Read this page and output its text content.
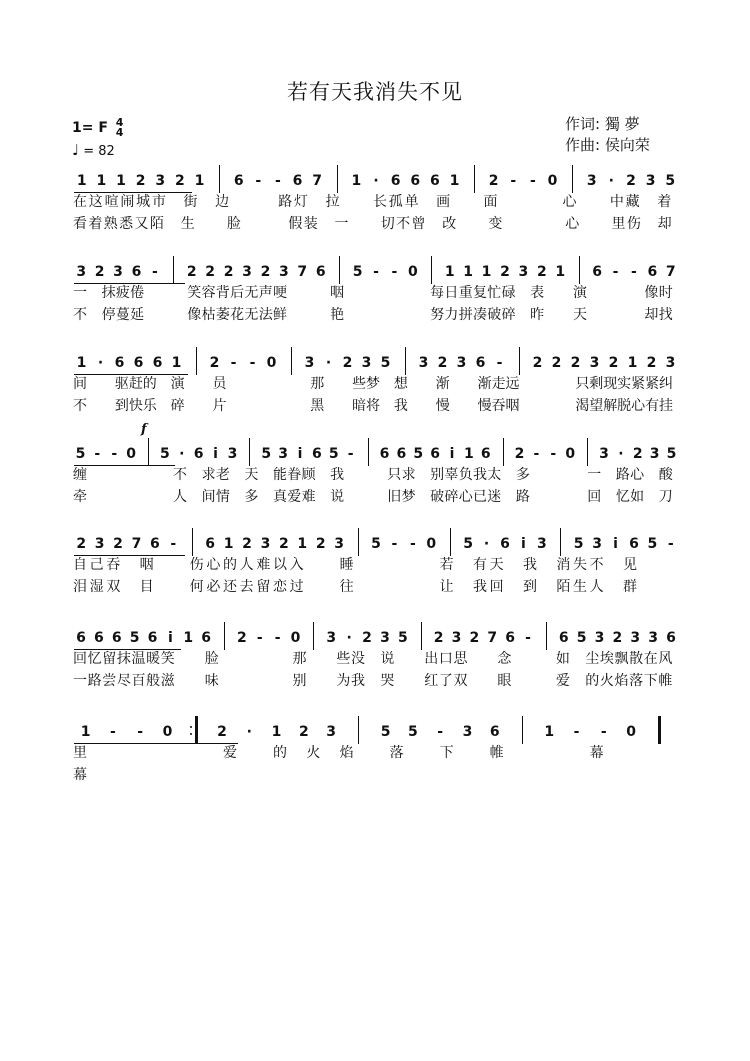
若有天我消失不见
1= F 4
4
♩ = 82
作词: 獨 夢
作曲: 侯向荣
1 1 1 2 3 2 1 6 - - 6 7 1 · 6 6 6 1 2 - - 0 3 · 2 3 5
在 这 喧 闹 城 市 街 边	路 灯 拉 长 孤 单 画 面	心 中 藏 着
看 着 熟 悉 又 陌 生 脸	假 装 一 切 不 曾 改 变	心 里 伤 却
3 2 3 6 - 2 2 2 3 2 3 7 6 5 - - 0 1 1 1 2 3 2 1 6 - - 6 7
一 抹 疲 倦	笑 容 背 后 无 声 哽	咽	每 日 重 复 忙 碌 表 演	像 时
不 停 蔓 延	像 枯 萎 花 无 法 鲜	艳	努 力 拼 凑 破 碎 昨 天	却 找
1 · 6 6 6 1 2 - - 0 3 · 2 3 5 3 2 3 6 - 2 2 2 3 2 1 2 3
间 驱 赶 的 演 员	那 些 梦 想 渐 渐 走 远	只 剩 现 实 紧 紧 纠
不 到 快 乐 碎 片	黑 暗 将 我 慢 慢 吞 咽	渴 望 解 脱 心 有 挂
5 - - 0 5 · 6 i 3 5 3 i 6 5 - 6 6 5 6 i 1 6 2 - - 0 3 · 2 3 5
缠	不 求 老 天 能 眷 顾 我	只 求 别 辜 负 我 太 多	一 路 心 酸
牵	人 间 情 多 真 爱 难 说	旧 梦 破 碎 心 已 迷 路	回 忆 如 刀
2 3 2 7 6 - 6 1 2 3 2 1 2 3 5 - - 0 5 · 6 i 3 5 3 i 6 5 -
自 己 吞 咽	伤 心 的 人 难 以 入	睡	若 有 天 我 消 失 不 见
泪 湿 双 目	何 必 还 去 留 恋 过	往	让 我 回 到 陌 生 人 群
6 6 6 5 6 i 1 6 2 - - 0 3 · 2 3 5 2 3 2 7 6 - 6 5 3 2 3 3 6
回 忆 留 抹 温 暖 笑 脸	那 些 没 说 出 口 思 念	如 尘 埃 飘 散 在 风
一 路 尝 尽 百 般 滋 味	别 为 我 哭 红 了 双 眼	爱 的 火 焰 落 下 帷
1 - - 0	2	·	1 2 3	5 5 - 3 6	1 - - 0
里	爱	的 火 焰	落	下	帷	幕
幕
f
